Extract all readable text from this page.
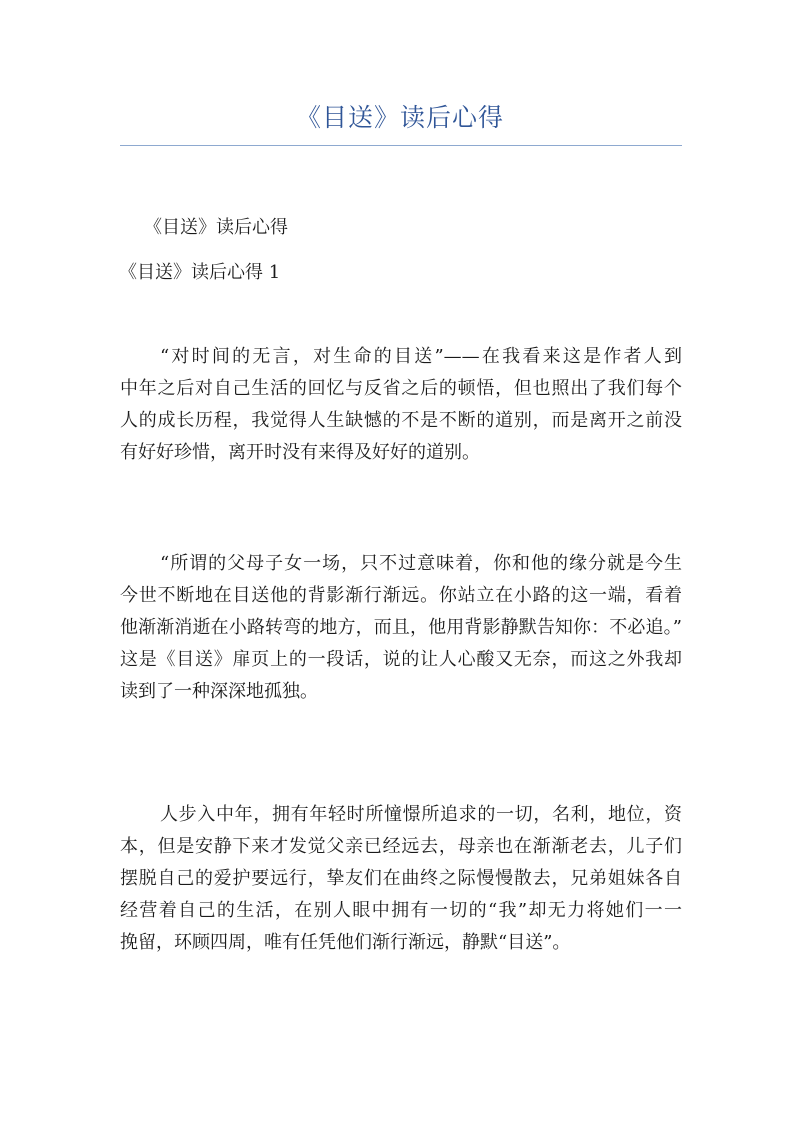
《目送》读后心得
《目送》读后心得
《目送》读后心得 1
“对时间的无言，对生命的目送”——在我看来这是作者人到
中年之后对自己生活的回忆与反省之后的顿悟，但也照出了我们每个
人的成长历程，我觉得人生缺憾的不是不断的道别，而是离开之前没
有好好珍惜，离开时没有来得及好好的道别。
“所谓的父母子女一场，只不过意味着，你和他的缘分就是今生
今世不断地在目送他的背影渐行渐远。你站立在小路的这一端，看着
他渐渐消逝在小路转弯的地方，而且，他用背影静默告知你：不必追。”
这是《目送》扉页上的一段话，说的让人心酸又无奈，而这之外我却
读到了一种深深地孤独。
人步入中年，拥有年轻时所憧憬所追求的一切，名利，地位，资
本，但是安静下来才发觉父亲已经远去，母亲也在渐渐老去，儿子们
摆脱自己的爱护要远行，挚友们在曲终之际慢慢散去，兄弟姐妹各自
经营着自己的生活，在别人眼中拥有一切的“我”却无力将她们一一
挽留，环顾四周，唯有任凭他们渐行渐远，静默“目送”。
